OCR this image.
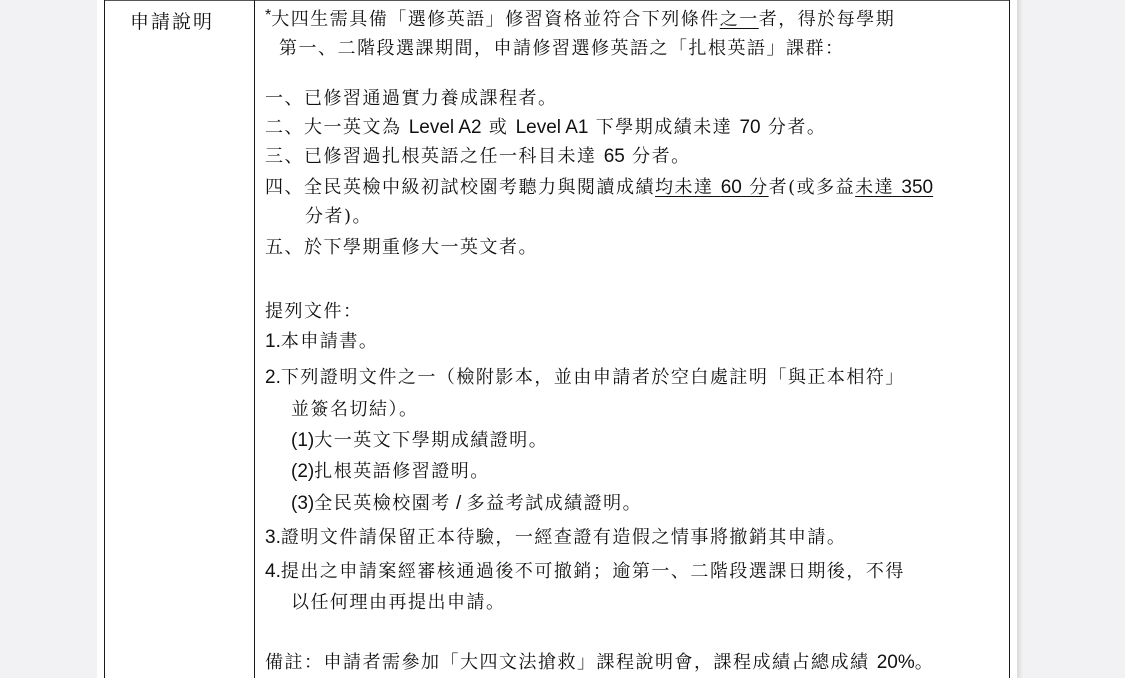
申請說明	*大四生需具備「選修英語」修習資格並符合下列條件之一者，得於每學期
第一、二階段選課期間，申請修習選修英語之「扎根英語」課群：
一、已修習通過實力養成課程者。
二、大一英文為 Level A2 或 Level A1 下學期成績未達 70 分者。
三、已修習過扎根英語之任一科目未達 65 分者。
四、全民英檢中級初試校園考聽力與閱讀成績均未達 60 分者(或多益未達 350
分者)。
五、於下學期重修大一英文者。
提列文件：
1.本申請書。
2.下列證明文件之一（檢附影本，並由申請者於空白處註明「與正本相符」
並簽名切結）。
(1)大一英文下學期成績證明。
(2)扎根英語修習證明。
(3)全民英檢校園考 / 多益考試成績證明。
3.證明文件請保留正本待驗，一經查證有造假之情事將撤銷其申請。
4.提出之申請案經審核通過後不可撤銷；逾第一、二階段選課日期後，不得
以任何理由再提出申請。
備註：申請者需參加「大四文法搶救」課程說明會，課程成績占總成績 20%。
